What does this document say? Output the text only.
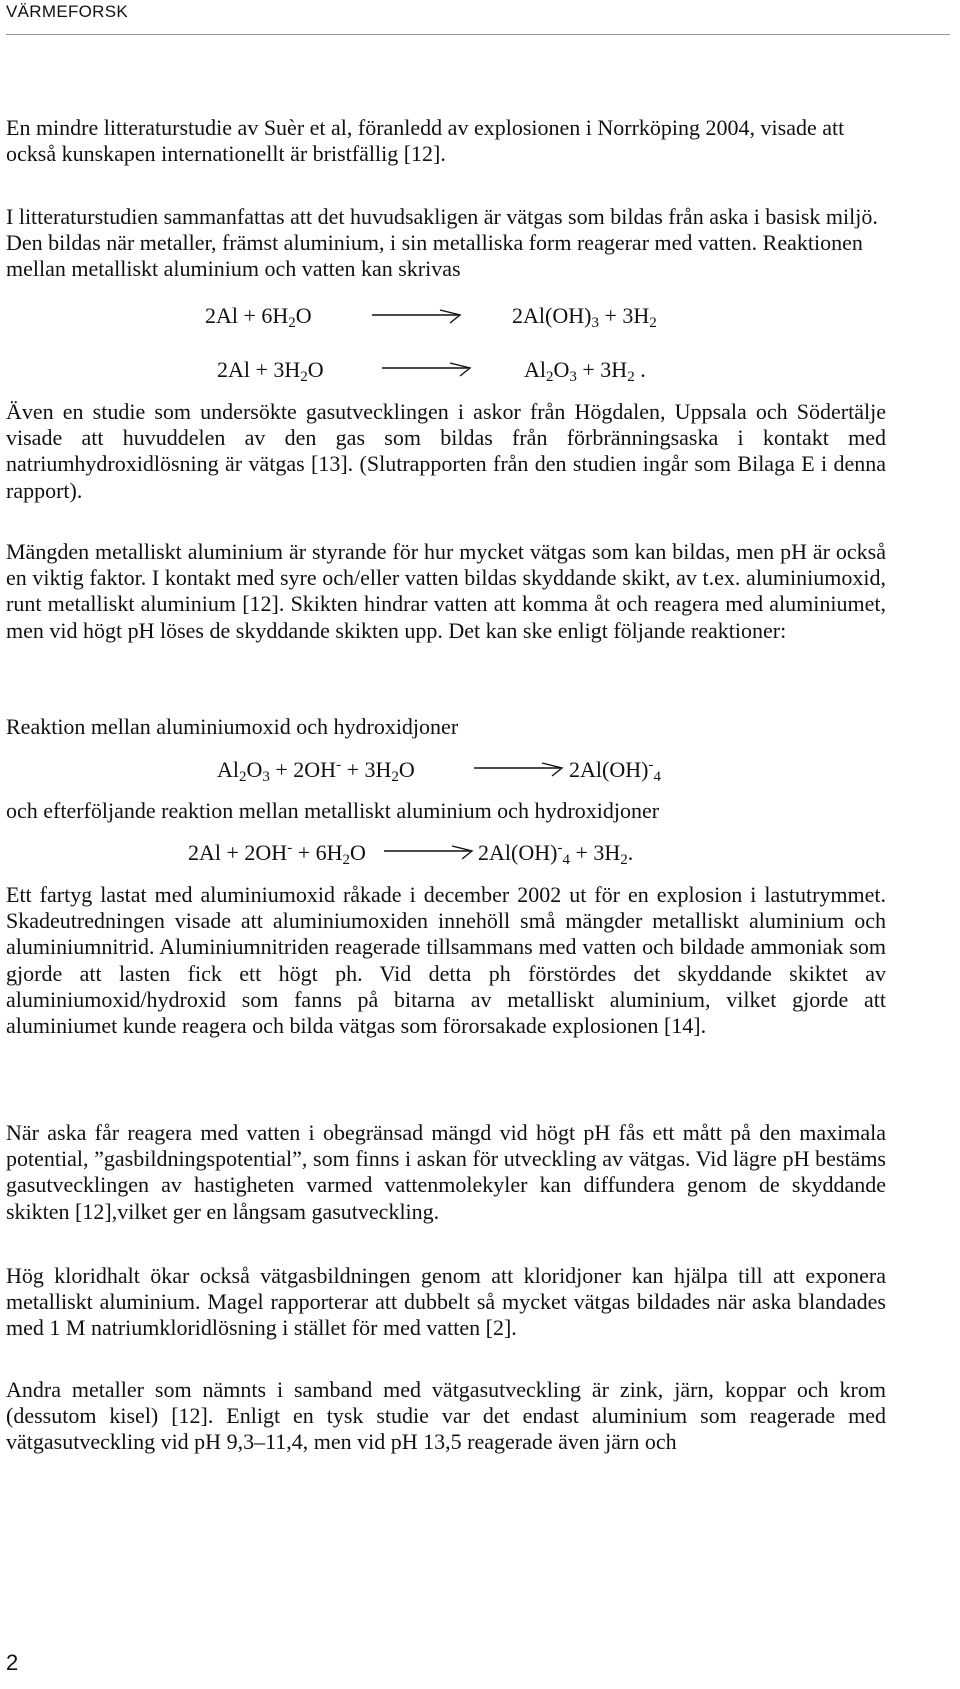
VÄRMEFORSK

En mindre litteraturstudie av Suèr et al, föranledd av explosionen i Norrköping 2004, visade att också kunskapen internationellt är bristfällig [12].

I litteraturstudien sammanfattas att det huvudsakligen är vätgas som bildas från aska i basisk miljö. Den bildas när metaller, främst aluminium, i sin metalliska form reagerar med vatten. Reaktionen mellan metalliskt aluminium och vatten kan skrivas

$2Al + 6H_2O$	$2Al(OH)_3 + 3H_2$
$2Al + 3H_2O$	$Al_2O_3 + 3H_2$ .

Även en studie som undersökte gasutvecklingen i askor från Högdalen, Uppsala och Södertälje visade att huvuddelen av den gas som bildas från förbränningsaska i kontakt med natriumhydroxidlösning är vätgas [13]. (Slutrapporten från den studien ingår som Bilaga E i denna rapport).

Mängden metalliskt aluminium är styrande för hur mycket vätgas som kan bildas, men pH är också en viktig faktor. I kontakt med syre och/eller vatten bildas skyddande skikt, av t.ex. aluminiumoxid, runt metalliskt aluminium [12]. Skikten hindrar vatten att komma åt och reagera med aluminiumet, men vid högt pH löses de skyddande skikten upp. Det kan ske enligt följande reaktioner:

Reaktion mellan aluminiumoxid och hydroxidjoner

$Al_2O_3 + 2OH^- + 3H_2O$	$2Al(OH)^-_4$

och efterföljande reaktion mellan metalliskt aluminium och hydroxidjoner

$2Al + 2OH^- + 6H_2O$	$2Al(OH)^-_4 + 3H_2$.

Ett fartyg lastat med aluminiumoxid råkade i december 2002 ut för en explosion i lastutrymmet. Skadeutredningen visade att aluminiumoxiden innehöll små mängder metalliskt aluminium och aluminiumnitrid. Aluminiumnitriden reagerade tillsammans med vatten och bildade ammoniak som gjorde att lasten fick ett högt ph. Vid detta ph förstördes det skyddande skiktet av aluminiumoxid/hydroxid som fanns på bitarna av metalliskt aluminium, vilket gjorde att aluminiumet kunde reagera och bilda vätgas som förorsakade explosionen [14].

När aska får reagera med vatten i obegränsad mängd vid högt pH fås ett mått på den maximala potential, ”gasbildningspotential”, som finns i askan för utveckling av vätgas. Vid lägre pH bestäms gasutvecklingen av hastigheten varmed vattenmolekyler kan diffundera genom de skyddande skikten [12],vilket ger en långsam gasutveckling.

Hög kloridhalt ökar också vätgasbildningen genom att kloridjoner kan hjälpa till att exponera metalliskt aluminium. Magel rapporterar att dubbelt så mycket vätgas bildades när aska blandades med 1 M natriumkloridlösning i stället för med vatten [2].

Andra metaller som nämnts i samband med vätgasutveckling är zink, järn, koppar och krom (dessutom kisel) [12]. Enligt en tysk studie var det endast aluminium som reagerade med vätgasutveckling vid pH 9,3–11,4, men vid pH 13,5 reagerade även järn och

2
